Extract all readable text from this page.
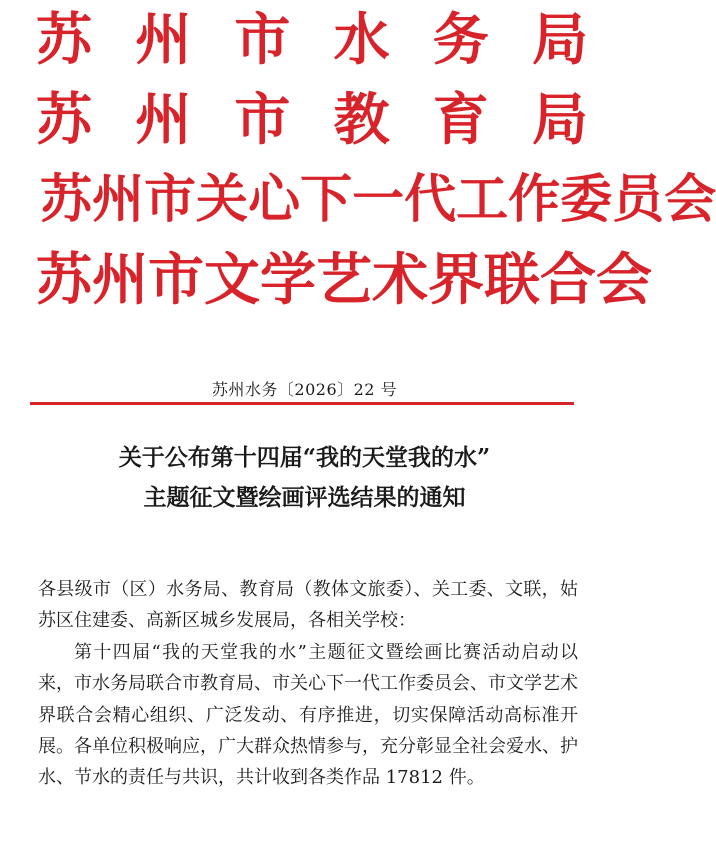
苏 州 市 水 务 局
苏 州 市 教 育 局
苏 州 市 关 心 下 一 代 工 作 委 员 会
苏 州 市 文 学 艺 术 界 联 合 会
苏州水务〔2026〕22 号
关于公布第十四届“我的天堂我的水”
主题征文暨绘画评选结果的通知

各县级市（区）水务局、教育局（教体文旅委）、关工委、文联，姑苏区住建委、高新区城乡发展局，各相关学校：

第十四届“我的天堂我的水”主题征文暨绘画比赛活动启动以来，市水务局联合市教育局、市关心下一代工作委员会、市文学艺术界联合会精心组织、广泛发动、有序推进，切实保障活动高标准开展。各单位积极响应，广大群众热情参与，充分彰显全社会爱水、护水、节水的责任与共识，共计收到各类作品 17812 件。
